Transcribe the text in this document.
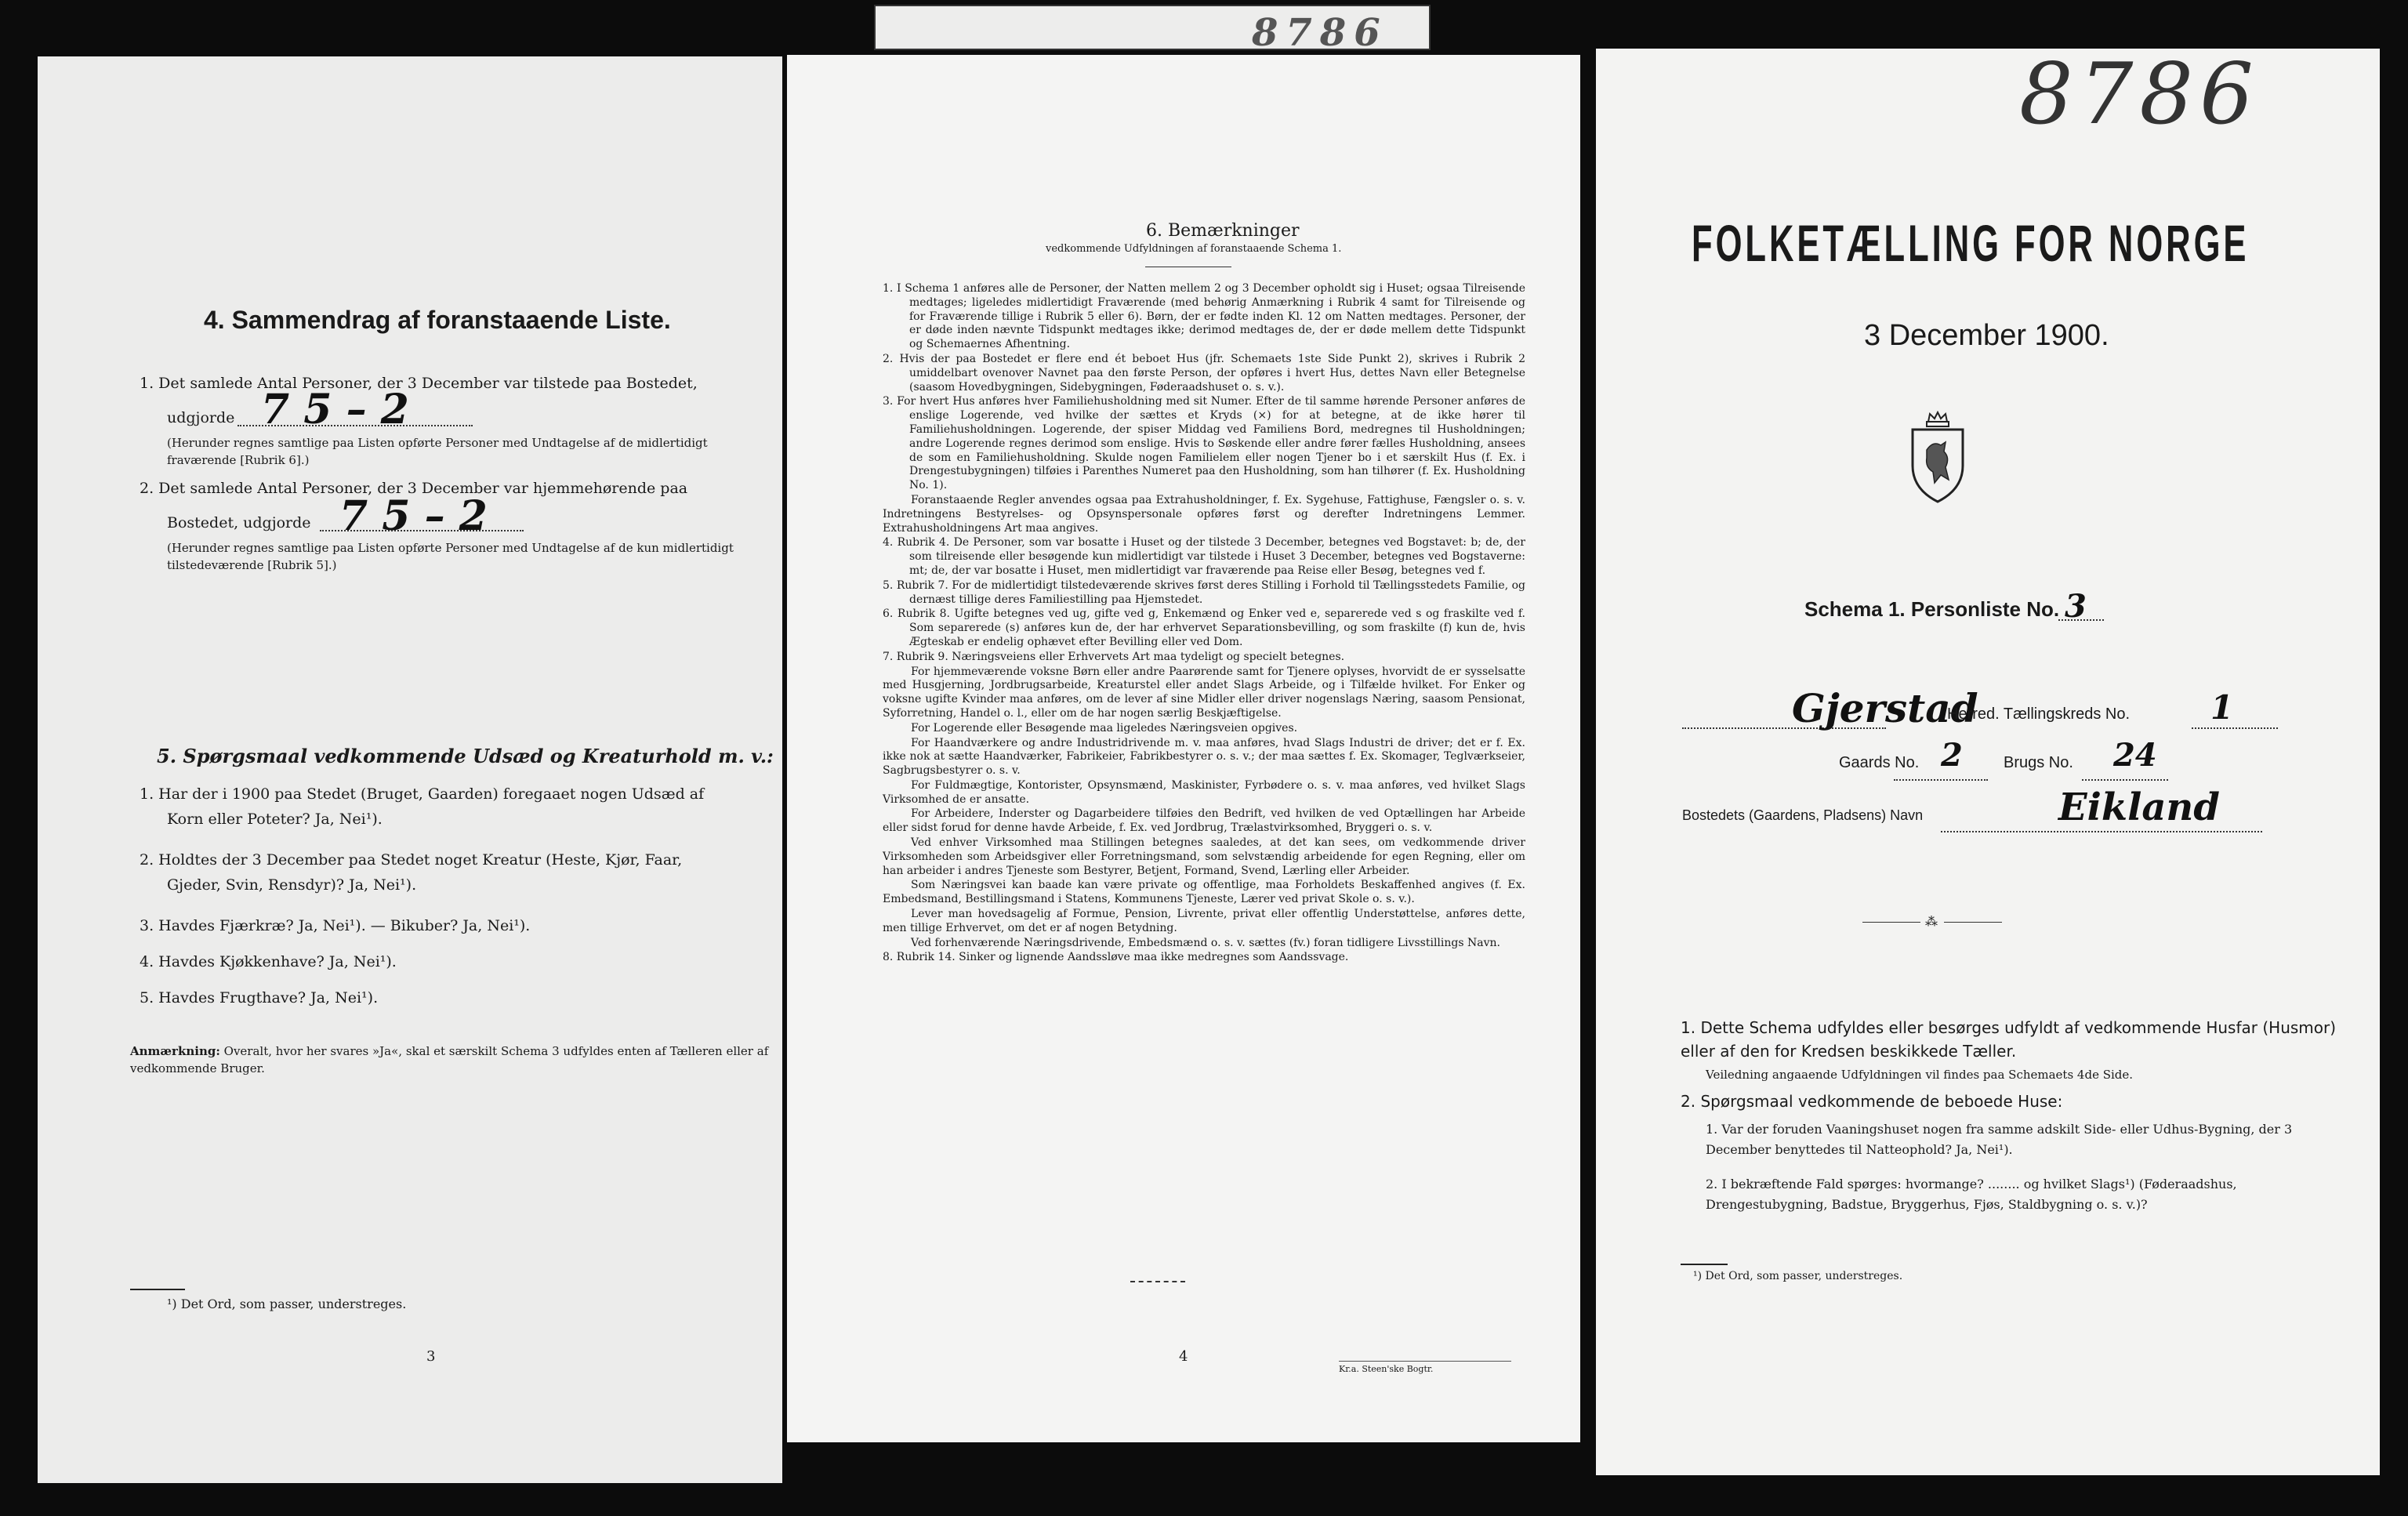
8786
4. Sammendrag af foranstaaende Liste.
1. Det samlede Antal Personer, der 3 December var tilstede paa Bostedet,
udgjorde 7 5 – 2
(Herunder regnes samtlige paa Listen opførte Personer med Undtagelse af de midlertidigt fraværende [Rubrik 6].)
2. Det samlede Antal Personer, der 3 December var hjemmehørende paa
Bostedet, udgjorde 7 5 – 2
(Herunder regnes samtlige paa Listen opførte Personer med Undtagelse af de kun midlertidigt tilstedeværende [Rubrik 5].)
5. Spørgsmaal vedkommende Udsæd og Kreaturhold m. v.:
1. Har der i 1900 paa Stedet (Bruget, Gaarden) foregaaet nogen Udsæd af
Korn eller Poteter? Ja, Nei¹).
2. Holdtes der 3 December paa Stedet noget Kreatur (Heste, Kjør, Faar,
Gjeder, Svin, Rensdyr)? Ja, Nei¹).
3. Havdes Fjærkræ? Ja, Nei¹). — Bikuber? Ja, Nei¹).
4. Havdes Kjøkkenhave? Ja, Nei¹).
5. Havdes Frugthave? Ja, Nei¹).
Anmærkning: Overalt, hvor her svares »Ja«, skal et særskilt Schema 3 udfyldes enten af Tælleren eller af vedkommende Bruger.
¹) Det Ord, som passer, understreges.
3
6. Bemærkninger
vedkommende Udfyldningen af foranstaaende Schema 1.

1. I Schema 1 anføres alle de Personer, der Natten mellem 2 og 3 December opholdt sig i Huset; ogsaa Tilreisende medtages; ligeledes midlertidigt Fraværende (med behørig Anmærkning i Rubrik 4 samt for Tilreisende og for Fraværende tillige i Rubrik 5 eller 6). Børn, der er fødte inden Kl. 12 om Natten medtages. Personer, der er døde inden nævnte Tidspunkt medtages ikke; derimod medtages de, der er døde mellem dette Tidspunkt og Schemaernes Afhentning.

2. Hvis der paa Bostedet er flere end ét beboet Hus (jfr. Schemaets 1ste Side Punkt 2), skrives i Rubrik 2 umiddelbart ovenover Navnet paa den første Person, der opføres i hvert Hus, dettes Navn eller Betegnelse (saasom Hovedbygningen, Sidebygningen, Føderaadshuset o. s. v.).

3. For hvert Hus anføres hver Familiehusholdning med sit Numer. Efter de til samme hørende Personer anføres de enslige Logerende, ved hvilke der sættes et Kryds (×) for at betegne, at de ikke hører til Familiehusholdningen. Logerende, der spiser Middag ved Familiens Bord, medregnes til Husholdningen; andre Logerende regnes derimod som enslige. Hvis to Søskende eller andre fører fælles Husholdning, ansees de som en Familiehusholdning. Skulde nogen Familielem eller nogen Tjener bo i et særskilt Hus (f. Ex. i Drengestubygningen) tilføies i Parenthes Numeret paa den Husholdning, som han tilhører (f. Ex. Husholdning No. 1).

Foranstaaende Regler anvendes ogsaa paa Extrahusholdninger, f. Ex. Sygehuse, Fattighuse, Fængsler o. s. v. Indretningens Bestyrelses- og Opsynspersonale opføres først og derefter Indretningens Lemmer. Extrahusholdningens Art maa angives.

4. Rubrik 4. De Personer, som var bosatte i Huset og der tilstede 3 December, betegnes ved Bogstavet: b; de, der som tilreisende eller besøgende kun midlertidigt var tilstede i Huset 3 December, betegnes ved Bogstaverne: mt; de, der var bosatte i Huset, men midlertidigt var fraværende paa Reise eller Besøg, betegnes ved f.

5. Rubrik 7. For de midlertidigt tilstedeværende skrives først deres Stilling i Forhold til Tællingsstedets Familie, og dernæst tillige deres Familiestilling paa Hjemstedet.

6. Rubrik 8. Ugifte betegnes ved ug, gifte ved g, Enkemænd og Enker ved e, separerede ved s og fraskilte ved f. Som separerede (s) anføres kun de, der har erhvervet Separationsbevilling, og som fraskilte (f) kun de, hvis Ægteskab er endelig ophævet efter Bevilling eller ved Dom.

7. Rubrik 9. Næringsveiens eller Erhvervets Art maa tydeligt og specielt betegnes.

For hjemmeværende voksne Børn eller andre Paarørende samt for Tjenere oplyses, hvorvidt de er sysselsatte med Husgjerning, Jordbrugsarbeide, Kreaturstel eller andet Slags Arbeide, og i Tilfælde hvilket. For Enker og voksne ugifte Kvinder maa anføres, om de lever af sine Midler eller driver nogenslags Næring, saasom Pensionat, Syforretning, Handel o. l., eller om de har nogen særlig Beskjæftigelse.

For Logerende eller Besøgende maa ligeledes Næringsveien opgives.

For Haandværkere og andre Industridrivende m. v. maa anføres, hvad Slags Industri de driver; det er f. Ex. ikke nok at sætte Haandværker, Fabrikeier, Fabrikbestyrer o. s. v.; der maa sættes f. Ex. Skomager, Teglværkseier, Sagbrugsbestyrer o. s. v.

For Fuldmægtige, Kontorister, Opsynsmænd, Maskinister, Fyrbødere o. s. v. maa anføres, ved hvilket Slags Virksomhed de er ansatte.

For Arbeidere, Inderster og Dagarbeidere tilføies den Bedrift, ved hvilken de ved Optællingen har Arbeide eller sidst forud for denne havde Arbeide, f. Ex. ved Jordbrug, Trælastvirksomhed, Bryggeri o. s. v.

Ved enhver Virksomhed maa Stillingen betegnes saaledes, at det kan sees, om vedkommende driver Virksomheden som Arbeidsgiver eller Forretningsmand, som selvstændig arbeidende for egen Regning, eller om han arbeider i andres Tjeneste som Bestyrer, Betjent, Formand, Svend, Lærling eller Arbeider.

Som Næringsvei kan baade kan være private og offentlige, maa Forholdets Beskaffenhed angives (f. Ex. Embedsmand, Bestillingsmand i Statens, Kommunens Tjeneste, Lærer ved privat Skole o. s. v.).

Lever man hovedsagelig af Formue, Pension, Livrente, privat eller offentlig Understøttelse, anføres dette, men tillige Erhvervet, om det er af nogen Betydning.

Ved forhenværende Næringsdrivende, Embedsmænd o. s. v. sættes (fv.) foran tidligere Livsstillings Navn.

8. Rubrik 14. Sinker og lignende Aandssløve maa ikke medregnes som Aandssvage.

4
Kr.a. Steen'ske Bogtr.
8786
FOLKETÆLLING FOR NORGE
3 December 1900.
Schema 1. Personliste No. 3
Gjerstad
Herred. Tællingskreds No. 1
Gaards No. 2	Brugs No. 24
Bostedets (Gaardens, Pladsens) Navn	Eikland
⁂
1. Dette Schema udfyldes eller besørges udfyldt af vedkommende Husfar (Husmor) eller af den for Kredsen beskikkede Tæller.
Veiledning angaaende Udfyldningen vil findes paa Schemaets 4de Side.
2. Spørgsmaal vedkommende de beboede Huse:
1. Var der foruden Vaaningshuset nogen fra samme adskilt Side- eller Udhus-Bygning, der 3 December benyttedes til Natteophold? Ja, Nei¹).
2. I bekræftende Fald spørges: hvormange? ........ og hvilket Slags¹) (Føderaadshus, Drengestubygning, Badstue, Bryggerhus, Fjøs, Staldbygning o. s. v.)?
¹) Det Ord, som passer, understreges.
